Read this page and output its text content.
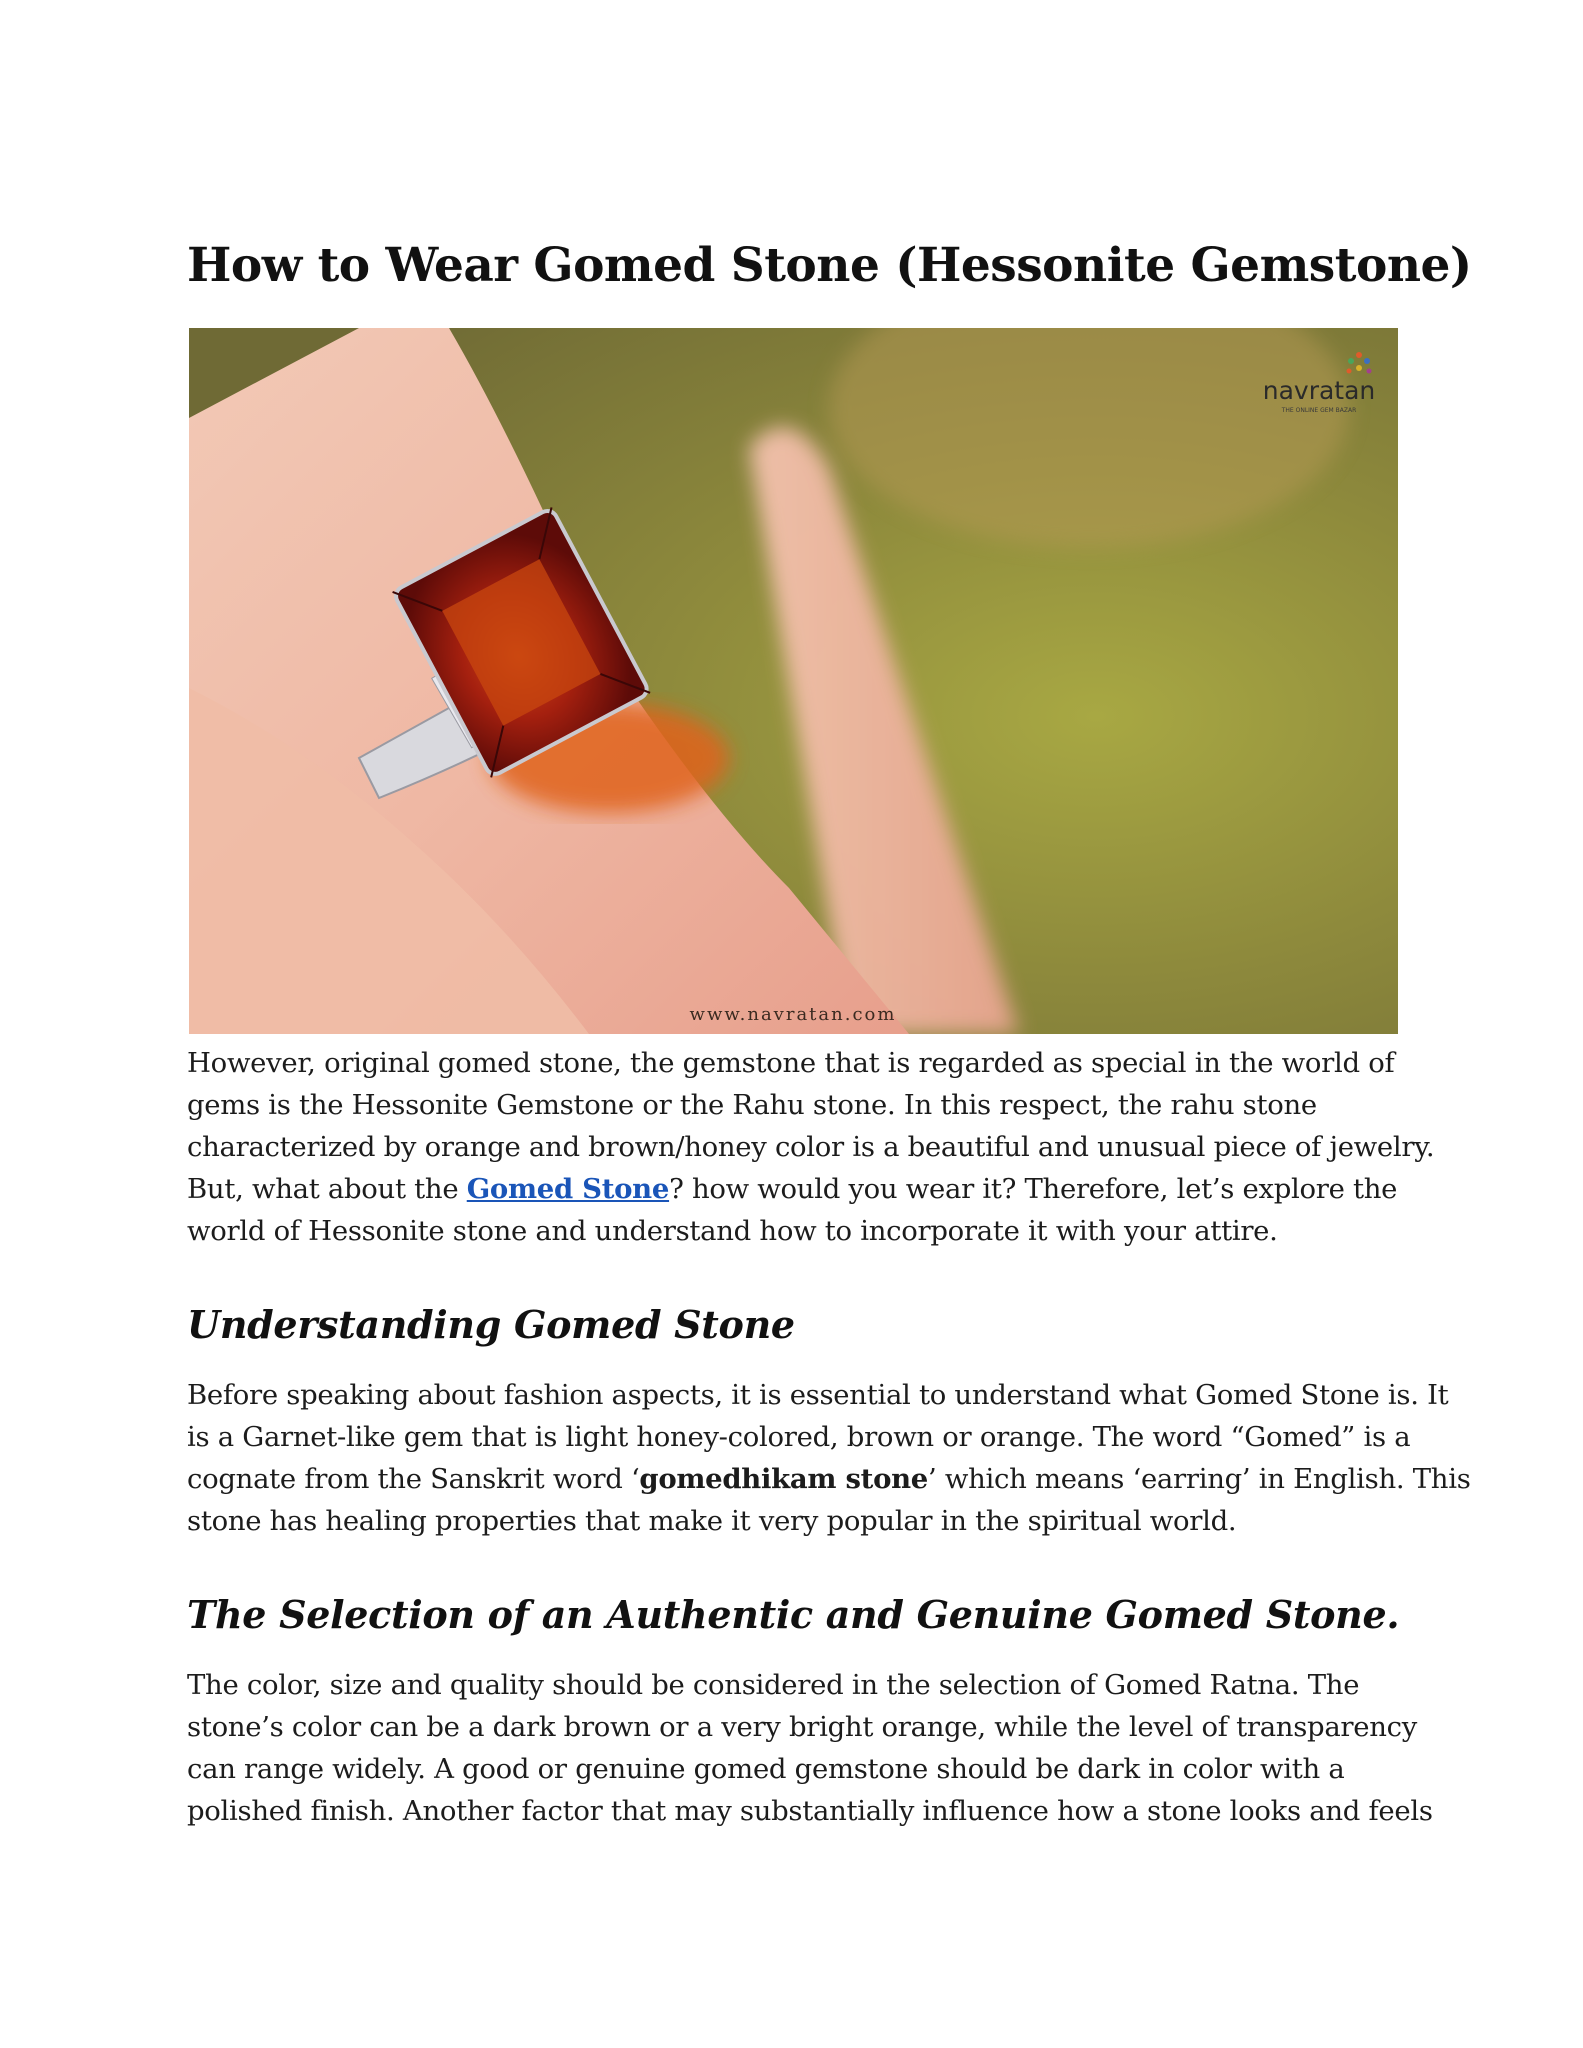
How to Wear Gomed Stone (Hessonite Gemstone)
navratan
THE ONLINE GEM BAZAR
www.navratan.com

However, original gomed stone, the gemstone that is regarded as special in the world of
gems is the Hessonite Gemstone or the Rahu stone. In this respect, the rahu stone
characterized by orange and brown/honey color is a beautiful and unusual piece of jewelry.
But, what about the Gomed Stone? how would you wear it? Therefore, let’s explore the
world of Hessonite stone and understand how to incorporate it with your attire.

Understanding Gomed Stone

Before speaking about fashion aspects, it is essential to understand what Gomed Stone is. It
is a Garnet-like gem that is light honey-colored, brown or orange. The word “Gomed” is a
cognate from the Sanskrit word ‘gomedhikam stone’ which means ‘earring’ in English. This
stone has healing properties that make it very popular in the spiritual world.

The Selection of an Authentic and Genuine Gomed Stone.

The color, size and quality should be considered in the selection of Gomed Ratna. The
stone’s color can be a dark brown or a very bright orange, while the level of transparency
can range widely. A good or genuine gomed gemstone should be dark in color with a
polished finish. Another factor that may substantially influence how a stone looks and feels
